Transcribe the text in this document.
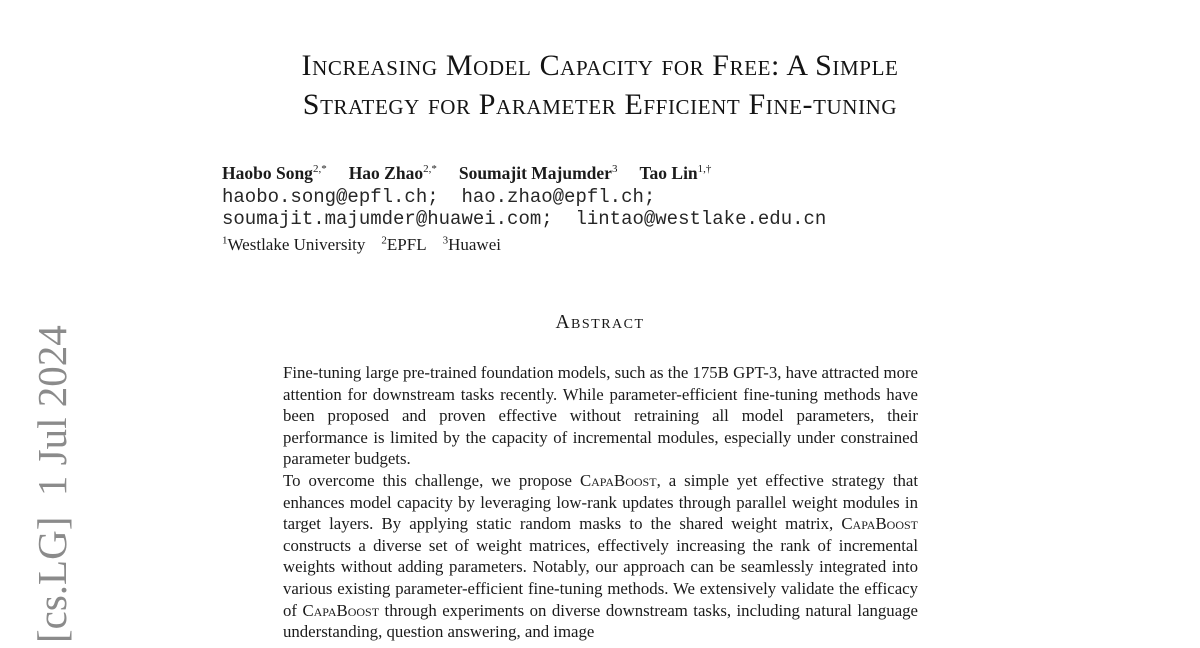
[cs.LG]  1 Jul 2024
Increasing Model Capacity for Free: A Simple
Strategy for Parameter Efficient Fine-tuning
Haobo Song$^{2,*}$ Hao Zhao$^{2,*}$ Soumajit Majumder$^3$ Tao Lin$^{1,\dagger}$
haobo.song@epfl.ch;  hao.zhao@epfl.ch;
soumajit.majumder@huawei.com;  lintao@westlake.edu.cn
$^1$Westlake University $^2$EPFL $^3$Huawei
Abstract

Fine-tuning large pre-trained foundation models, such as the 175B GPT-3, have attracted more attention for downstream tasks recently. While parameter-efficient fine-tuning methods have been proposed and proven effective without retraining all model parameters, their performance is limited by the capacity of incremental modules, especially under constrained parameter budgets.

To overcome this challenge, we propose CapaBoost, a simple yet effective strategy that enhances model capacity by leveraging low-rank updates through parallel weight modules in target layers. By applying static random masks to the shared weight matrix, CapaBoost constructs a diverse set of weight matrices, effectively increasing the rank of incremental weights without adding parameters. Notably, our approach can be seamlessly integrated into various existing parameter-efficient fine-tuning methods. We extensively validate the efficacy of CapaBoost through experiments on diverse downstream tasks, including natural language understanding, question answering, and image
